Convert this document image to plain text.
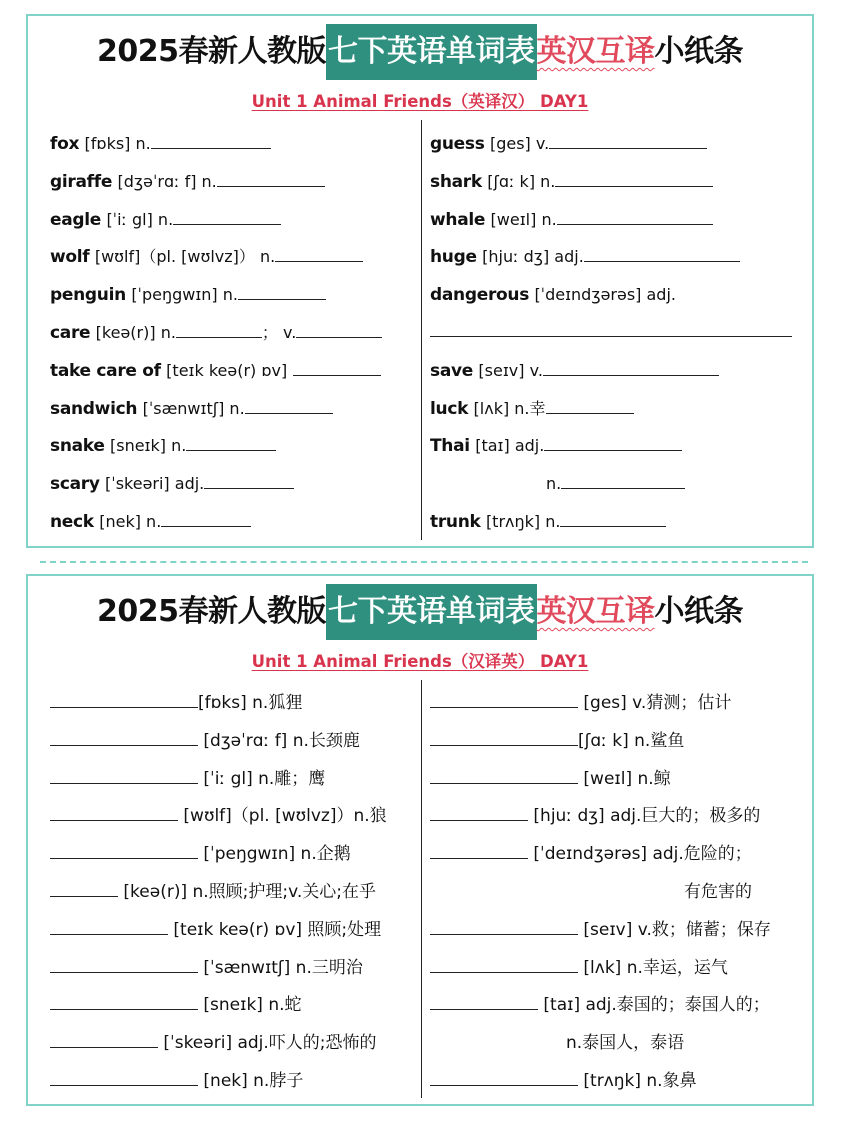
2025春新人教版七下英语单词表英汉互译小纸条
Unit 1 Animal Friends（英译汉） DAY1
fox [fɒks] n.
giraffe [dʒəˈrɑː f] n.
eagle [ˈiː gl] n.
wolf [wʊlf]（pl. [wʊlvz]） n.
penguin [ˈpeŋgwɪn] n.
care [keə(r)] n.	； v.
take care of [teɪk keə(r) ɒv]
sandwich [ˈsænwɪtʃ] n.
snake [sneɪk] n.
scary [ˈskeəri] adj.
neck [nek] n.
guess [ges] v.
shark [ʃɑː k] n.
whale [weɪl] n.
huge [hjuː dʒ] adj.
dangerous [ˈdeɪndʒərəs] adj.
save [seɪv] v.
luck [lʌk] n.幸
Thai [taɪ] adj.
n.
trunk [trʌŋk] n.
2025春新人教版七下英语单词表英汉互译小纸条
Unit 1 Animal Friends（汉译英） DAY1
[fɒks] n.狐狸
[dʒəˈrɑː f] n.长颈鹿
[ˈiː gl] n.雕；鹰
[wʊlf]（pl. [wʊlvz]）n.狼
[ˈpeŋgwɪn] n.企鹅
[keə(r)] n.照顾;护理;v.关心;在乎
[teɪk keə(r) ɒv] 照顾;处理
[ˈsænwɪtʃ] n.三明治
[sneɪk] n.蛇
[ˈskeəri] adj.吓人的;恐怖的
[nek] n.脖子
[ges] v.猜测；估计
[ʃɑː k] n.鲨鱼
[weɪl] n.鲸
[hjuː dʒ] adj.巨大的；极多的
[ˈdeɪndʒərəs] adj.危险的；
有危害的
[seɪv] v.救；储蓄；保存
[lʌk] n.幸运，运气
[taɪ] adj.泰国的；泰国人的；
n.泰国人，泰语
[trʌŋk] n.象鼻
